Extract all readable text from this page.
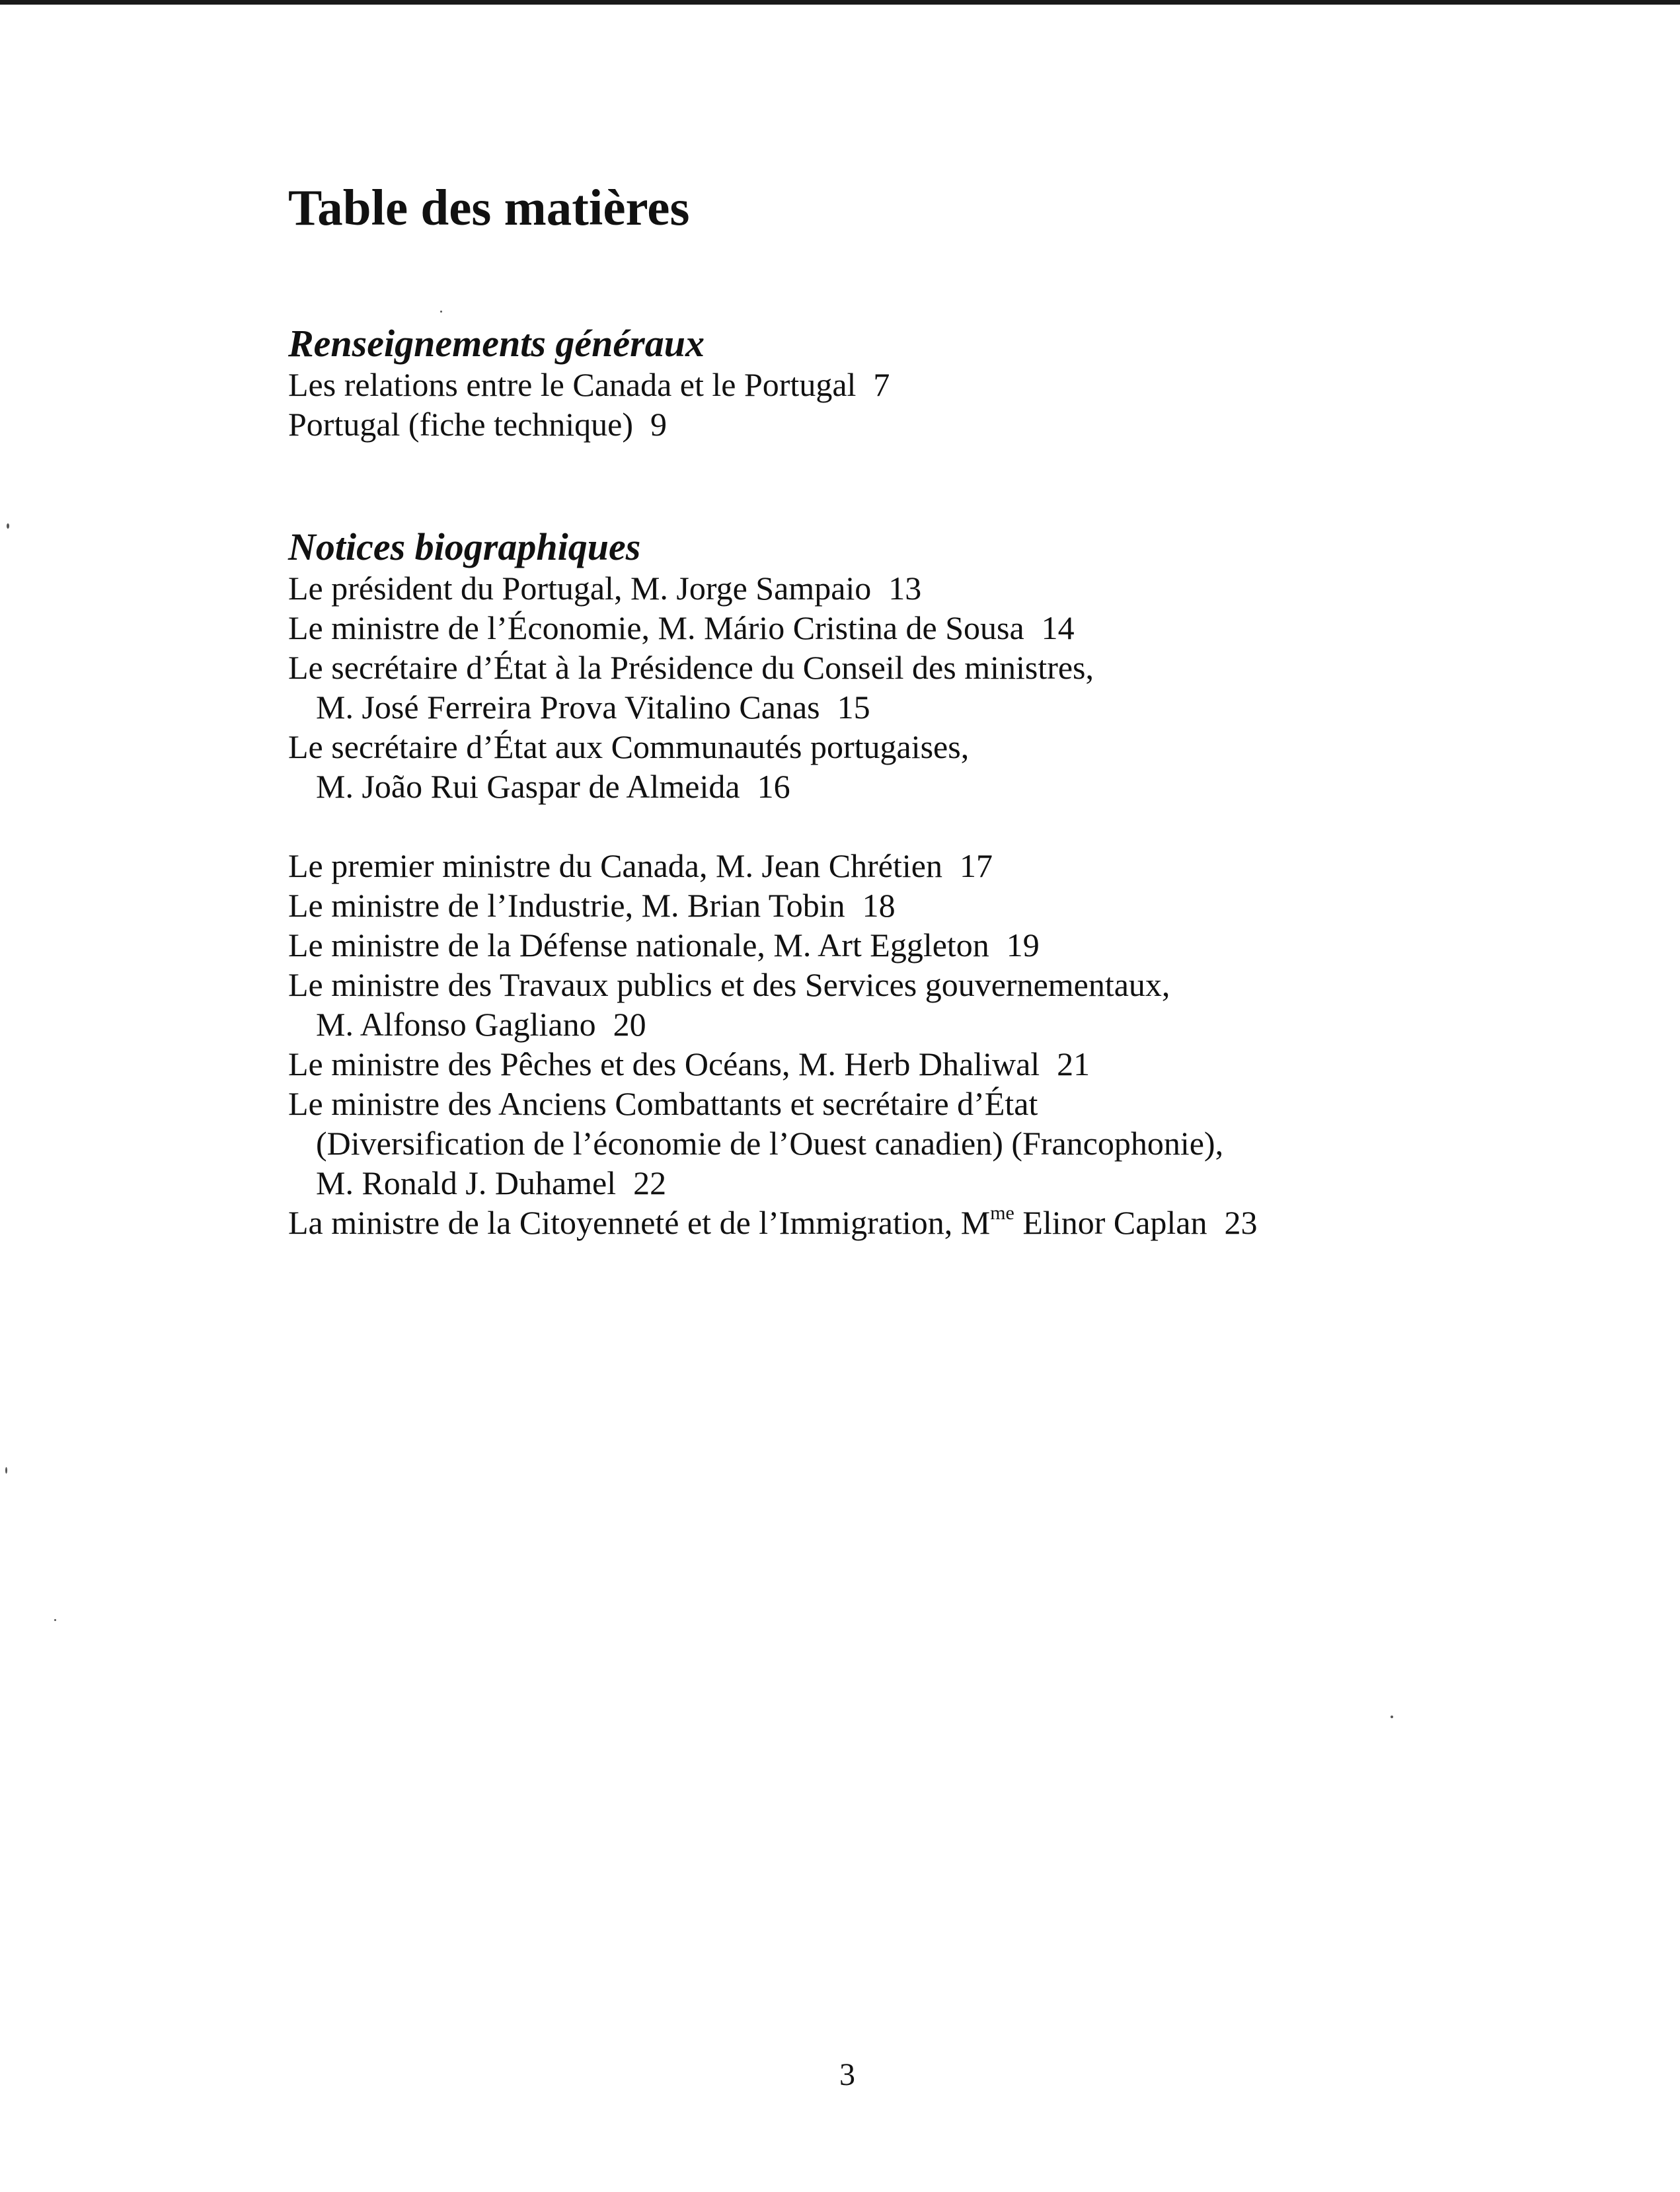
Table des matières
Renseignements généraux
Les relations entre le Canada et le Portugal 7
Portugal (fiche technique) 9
Notices biographiques
Le président du Portugal, M. Jorge Sampaio 13
Le ministre de l’Économie, M. Mário Cristina de Sousa 14
Le secrétaire d’État à la Présidence du Conseil des ministres,
M. José Ferreira Prova Vitalino Canas 15
Le secrétaire d’État aux Communautés portugaises,
M. João Rui Gaspar de Almeida 16
Le premier ministre du Canada, M. Jean Chrétien 17
Le ministre de l’Industrie, M. Brian Tobin 18
Le ministre de la Défense nationale, M. Art Eggleton 19
Le ministre des Travaux publics et des Services gouvernementaux,
M. Alfonso Gagliano 20
Le ministre des Pêches et des Océans, M. Herb Dhaliwal 21
Le ministre des Anciens Combattants et secrétaire d’État
(Diversification de l’économie de l’Ouest canadien) (Francophonie),
M. Ronald J. Duhamel 22
La ministre de la Citoyenneté et de l’Immigration, $M^{me}$ Elinor Caplan 23
3
